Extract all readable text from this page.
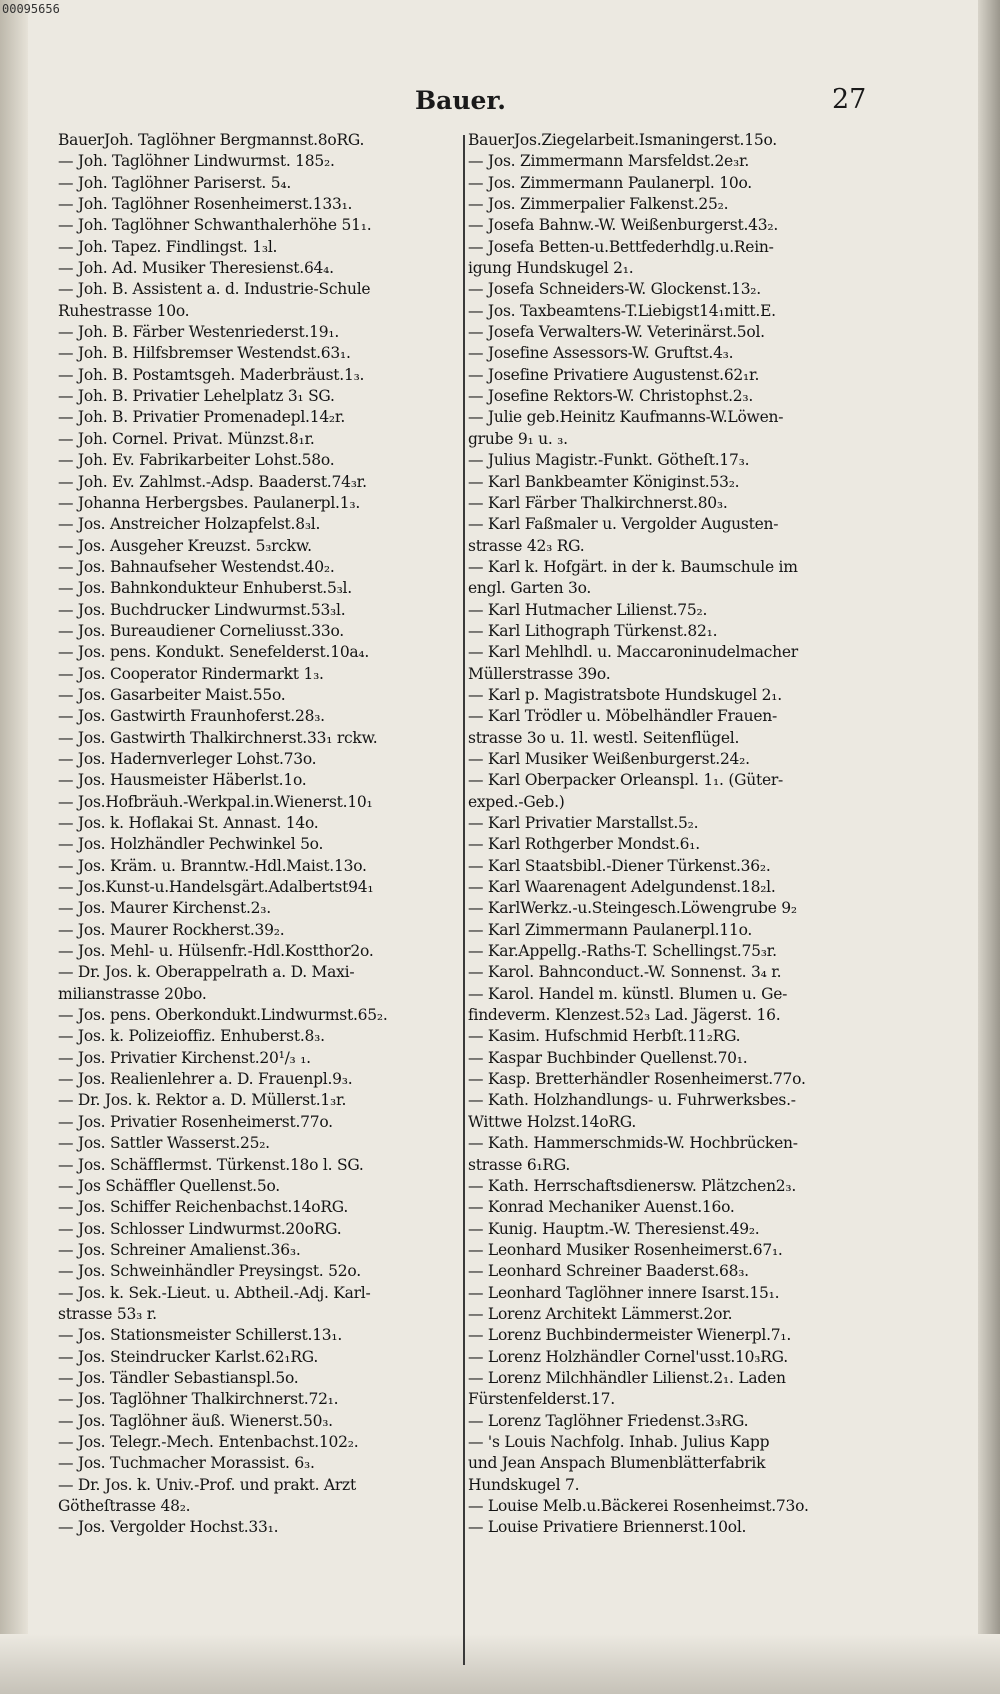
00095656
Bauer.	27
BauerJoh. Taglöhner Bergmannst.8oRG.
— Joh. Taglöhner Lindwurmst. 185₂.
— Joh. Taglöhner Pariserst. 5₄.
— Joh. Taglöhner Rosenheimerst.133₁.
— Joh. Taglöhner Schwanthalerhöhe 51₁.
— Joh. Tapez. Findlingst. 1₃l.
— Joh. Ad. Musiker Theresienst.64₄.
— Joh. B. Assistent a. d. Industrie-Schule
Ruhestrasse 10o.
— Joh. B. Färber Westenriederst.19₁.
— Joh. B. Hilfsbremser Westendst.63₁.
— Joh. B. Postamtsgeh. Maderbräust.1₃.
— Joh. B. Privatier Lehelplatz 3₁ SG.
— Joh. B. Privatier Promenadepl.14₂r.
— Joh. Cornel. Privat. Münzst.8₁r.
— Joh. Ev. Fabrikarbeiter Lohst.58o.
— Joh. Ev. Zahlmst.-Adsp. Baaderst.74₃r.
— Johanna Herbergsbes. Paulanerpl.1₃.
— Jos. Anstreicher Holzapfelst.8₃l.
— Jos. Ausgeher Kreuzst. 5₃rckw.
— Jos. Bahnaufseher Westendst.40₂.
— Jos. Bahnkondukteur Enhuberst.5₃l.
— Jos. Buchdrucker Lindwurmst.53₃l.
— Jos. Bureaudiener Corneliusst.33o.
— Jos. pens. Kondukt. Senefelderst.10a₄.
— Jos. Cooperator Rindermarkt 1₃.
— Jos. Gasarbeiter Maist.55o.
— Jos. Gastwirth Fraunhoferst.28₃.
— Jos. Gastwirth Thalkirchnerst.33₁ rckw.
— Jos. Hadernverleger Lohst.73o.
— Jos. Hausmeister Häberlst.1o.
— Jos.Hofbräuh.-Werkpal.in.Wienerst.10₁
— Jos. k. Hoflakai St. Annast. 14o.
— Jos. Holzhändler Pechwinkel 5o.
— Jos. Kräm. u. Branntw.-Hdl.Maist.13o.
— Jos.Kunst-u.Handelsgärt.Adalbertst94₁
— Jos. Maurer Kirchenst.2₃.
— Jos. Maurer Rockherst.39₂.
— Jos. Mehl- u. Hülsenfr.-Hdl.Kostthor2o.
— Dr. Jos. k. Oberappelrath a. D. Maxi-
milianstrasse 20bo.
— Jos. pens. Oberkondukt.Lindwurmst.65₂.
— Jos. k. Polizeioffiz. Enhuberst.8₃.
— Jos. Privatier Kirchenst.20¹/₃ ₁.
— Jos. Realienlehrer a. D. Frauenpl.9₃.
— Dr. Jos. k. Rektor a. D. Müllerst.1₃r.
— Jos. Privatier Rosenheimerst.77o.
— Jos. Sattler Wasserst.25₂.
— Jos. Schäfflermst. Türkenst.18o l. SG.
— Jos Schäffler Quellenst.5o.
— Jos. Schiffer Reichenbachst.14oRG.
— Jos. Schlosser Lindwurmst.20oRG.
— Jos. Schreiner Amalienst.36₃.
— Jos. Schweinhändler Preysingst. 52o.
— Jos. k. Sek.-Lieut. u. Abtheil.-Adj. Karl-
strasse 53₃ r.
— Jos. Stationsmeister Schillerst.13₁.
— Jos. Steindrucker Karlst.62₁RG.
— Jos. Tändler Sebastianspl.5o.
— Jos. Taglöhner Thalkirchnerst.72₁.
— Jos. Taglöhner äuß. Wienerst.50₃.
— Jos. Telegr.-Mech. Entenbachst.102₂.
— Jos. Tuchmacher Morassist. 6₃.
— Dr. Jos. k. Univ.-Prof. und prakt. Arzt
Götheſtrasse 48₂.
— Jos. Vergolder Hochst.33₁.
BauerJos.Ziegelarbeit.Ismaningerst.15o.
— Jos. Zimmermann Marsfeldst.2e₃r.
— Jos. Zimmermann Paulanerpl. 10o.
— Jos. Zimmerpalier Falkenst.25₂.
— Josefa Bahnw.-W. Weißenburgerst.43₂.
— Josefa Betten-u.Bettfederhdlg.u.Rein-
igung Hundskugel 2₁.
— Josefa Schneiders-W. Glockenst.13₂.
— Jos. Taxbeamtens-T.Liebigst14₁mitt.E.
— Josefa Verwalters-W. Veterinärst.5ol.
— Josefine Assessors-W. Gruftst.4₃.
— Josefine Privatiere Augustenst.62₁r.
— Josefine Rektors-W. Christophst.2₃.
— Julie geb.Heinitz Kaufmanns-W.Löwen-
grube 9₁ u. ₃.
— Julius Magistr.-Funkt. Götheſt.17₃.
— Karl Bankbeamter Königinst.53₂.
— Karl Färber Thalkirchnerst.80₃.
— Karl Faßmaler u. Vergolder Augusten-
strasse 42₃ RG.
— Karl k. Hofgärt. in der k. Baumschule im
engl. Garten 3o.
— Karl Hutmacher Lilienst.75₂.
— Karl Lithograph Türkenst.82₁.
— Karl Mehlhdl. u. Maccaroninudelmacher
Müllerstrasse 39o.
— Karl p. Magistratsbote Hundskugel 2₁.
— Karl Trödler u. Möbelhändler Frauen-
strasse 3o u. 1l. westl. Seitenflügel.
— Karl Musiker Weißenburgerst.24₂.
— Karl Oberpacker Orleanspl. 1₁. (Güter-
exped.-Geb.)
— Karl Privatier Marstallst.5₂.
— Karl Rothgerber Mondst.6₁.
— Karl Staatsbibl.-Diener Türkenst.36₂.
— Karl Waarenagent Adelgundenst.18₂l.
— KarlWerkz.-u.Steingesch.Löwengrube 9₂
— Karl Zimmermann Paulanerpl.11o.
— Kar.Appellg.-Raths-T. Schellingst.75₃r.
— Karol. Bahnconduct.-W. Sonnenst. 3₄ r.
— Karol. Handel m. künstl. Blumen u. Ge-
findeverm. Klenzest.52₃ Lad. Jägerst. 16.
— Kasim. Hufschmid Herbſt.11₂RG.
— Kaspar Buchbinder Quellenst.70₁.
— Kasp. Bretterhändler Rosenheimerst.77o.
— Kath. Holzhandlungs- u. Fuhrwerksbes.-
Wittwe Holzst.14oRG.
— Kath. Hammerschmids-W. Hochbrücken-
strasse 6₁RG.
— Kath. Herrschaftsdienersw. Plätzchen2₃.
— Konrad Mechaniker Auenst.16o.
— Kunig. Hauptm.-W. Theresienst.49₂.
— Leonhard Musiker Rosenheimerst.67₁.
— Leonhard Schreiner Baaderst.68₃.
— Leonhard Taglöhner innere Isarst.15₁.
— Lorenz Architekt Lämmerst.2or.
— Lorenz Buchbindermeister Wienerpl.7₁.
— Lorenz Holzhändler Cornel'usst.10₃RG.
— Lorenz Milchhändler Lilienst.2₁. Laden
Fürstenfelderst.17.
— Lorenz Taglöhner Friedenst.3₃RG.
— 's Louis Nachfolg. Inhab. Julius Kapp
und Jean Anspach Blumenblätterfabrik
Hundskugel 7.
— Louise Melb.u.Bäckerei Rosenheimst.73o.
— Louise Privatiere Briennerst.10ol.
